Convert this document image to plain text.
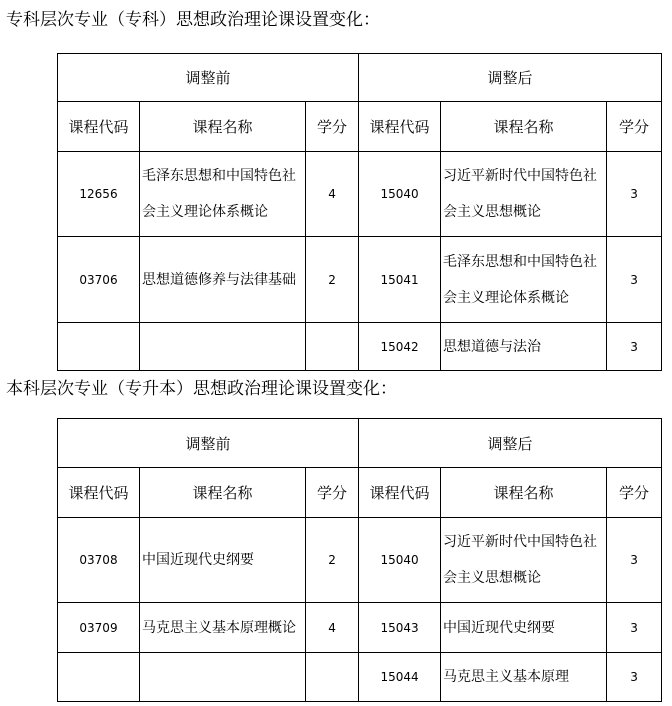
专科层次专业（专科）思想政治理论课设置变化：
调整前			调整后		
课程代码	课程名称	学分	课程代码	课程名称	学分
12656	毛泽东思想和中国特色社会主义理论体系概论	4	15040	习近平新时代中国特色社会主义思想概论	3
03706	思想道德修养与法律基础	2	15041	毛泽东思想和中国特色社会主义理论体系概论	3
			15042	思想道德与法治	3
本科层次专业（专升本）思想政治理论课设置变化：
调整前			调整后		
课程代码	课程名称	学分	课程代码	课程名称	学分
03708	中国近现代史纲要	2	15040	习近平新时代中国特色社会主义思想概论	3
03709	马克思主义基本原理概论	4	15043	中国近现代史纲要	3
			15044	马克思主义基本原理	3
